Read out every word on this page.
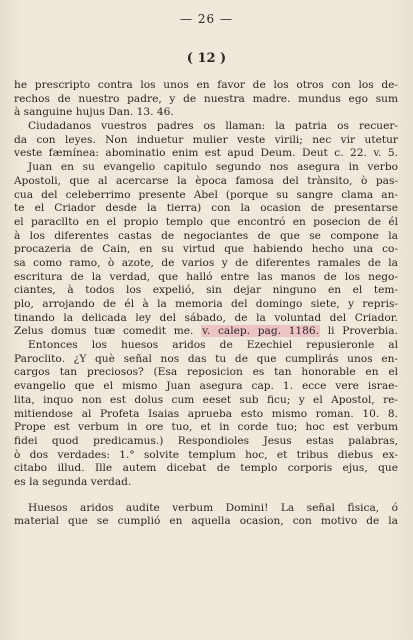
— 26 —
( 12 )
he prescripto contra los unos en favor de los otros con los de-
rechos de nuestro padre, y de nuestra madre. mundus ego sum
à sanguine hujus Dan. 13. 46.
Ciudadanos vuestros padres os llaman: la patria os recuer-
da con leyes. Non induetur mulier veste virili; nec vir utetur
veste fæmínea: abominatio enim est apud Deum. Deut c. 22. v. 5.
Juan en su evangelio capitulo segundo nos asegura in verbo
Apostoli, que al acercarse la època famosa del trànsito, ò pas-
cua del celeberrimo presente Abel (porque su sangre clama an-
te el Criador desde la tierra) con la ocasion de presentarse
el paracllto en el propio templo que encontró en posecion de él
à los diferentes castas de negociantes de que se compone la
procazeria de Cain, en su virtud que habiendo hecho una co-
sa como ramo, ò azote, de varios y de diferentes ramales de la
escritura de la verdad, que halló entre las manos de los nego-
ciantes, à todos los expelió, sin dejar ninguno en el tem-
plo, arrojando de él à la memoria del domingo siete, y repris-
tinando la delicada ley del sábado, de la voluntad del Criador.
Zelus domus tuæ comedit me. v. calep. pag. 1186. li Proverbia.
Entonces los huesos aridos de Ezechiel repusieronle al
Paroclito. ¿Y què señal nos das tu de que cumplirás unos en-
cargos tan preciosos? (Esa reposicion es tan honorable en el
evangelio que el mismo Juan asegura cap. 1. ecce vere israe-
lita, inquo non est dolus cum eeset sub ficu; y el Apostol, re-
mitiendose al Profeta Isaias aprueba esto mismo roman. 10. 8.
Prope est verbum in ore tuo, et in corde tuo; hoc est verbum
fidei quod predicamus.) Respondioles Jesus estas palabras,
ò dos verdades: 1.° solvite templum hoc, et tribus diebus ex-
citabo illud. Ille autem dicebat de templo corporis ejus, que
es la segunda verdad.
Huesos aridos audite verbum Domini! La señal fìsica, ó
material que se cumplió en aquella ocasion, con motivo de la
